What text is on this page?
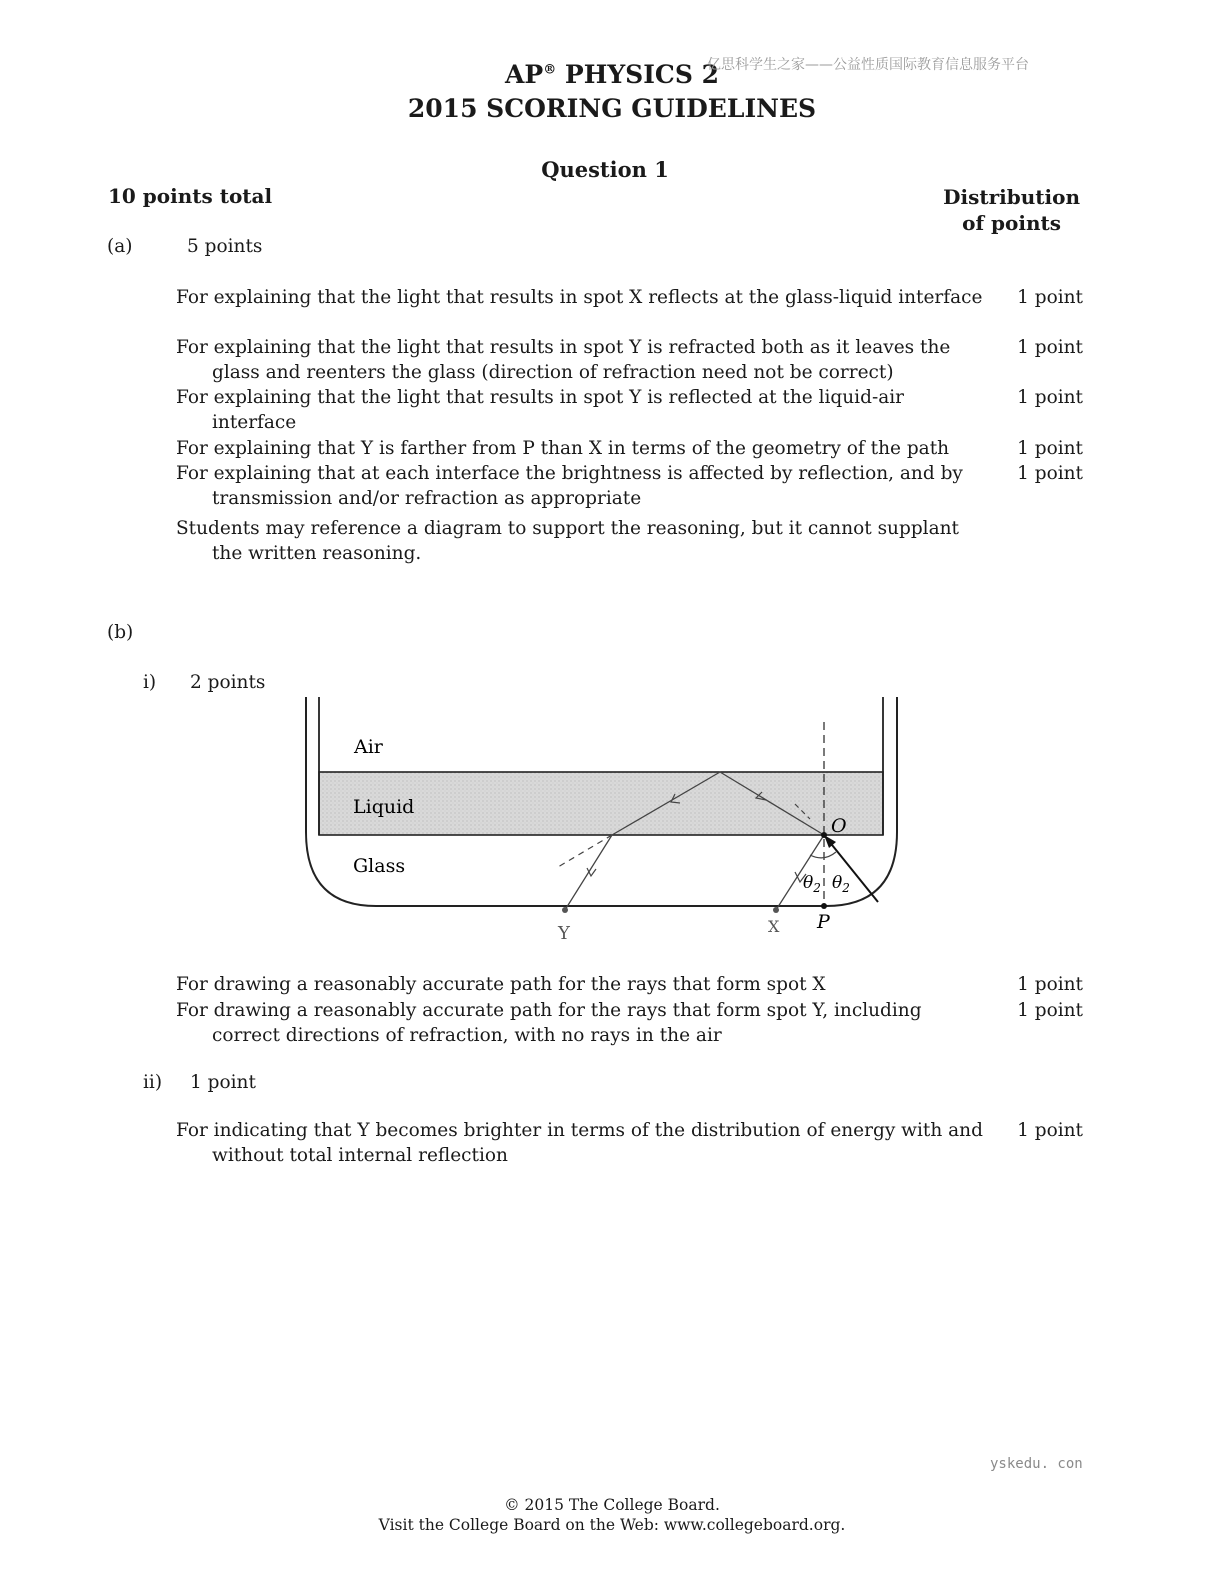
AP® PHYSICS 2
2015 SCORING GUIDELINES
亿思科学生之家——公益性质国际教育信息服务平台
Question 1
10 points total	Distribution
of points
(a)	5 points
For explaining that the light that results in spot X reflects at the glass-liquid interface	1 point
For explaining that the light that results in spot Y is refracted both as it leaves the glass and reenters the glass (direction of refraction need not be correct)
1 point
For explaining that the light that results in spot Y is reflected at the liquid-air interface
1 point
For explaining that Y is farther from P than X in terms of the geometry of the path	1 point
For explaining that at each interface the brightness is affected by reflection, and by transmission and/or refraction as appropriate
1 point
Students may reference a diagram to support the reasoning, but it cannot supplant the written reasoning.
(b)
i) 2 points
Air
Liquid
Glass
O
P
$\theta_2$ $\theta_2$
X
Y
For drawing a reasonably accurate path for the rays that form spot X	1 point
For drawing a reasonably accurate path for the rays that form spot Y, including correct directions of refraction, with no rays in the air
1 point
ii) 1 point
For indicating that Y becomes brighter in terms of the distribution of energy with and without total internal reflection
1 point
yskedu. con
© 2015 The College Board.
Visit the College Board on the Web: www.collegeboard.org.
